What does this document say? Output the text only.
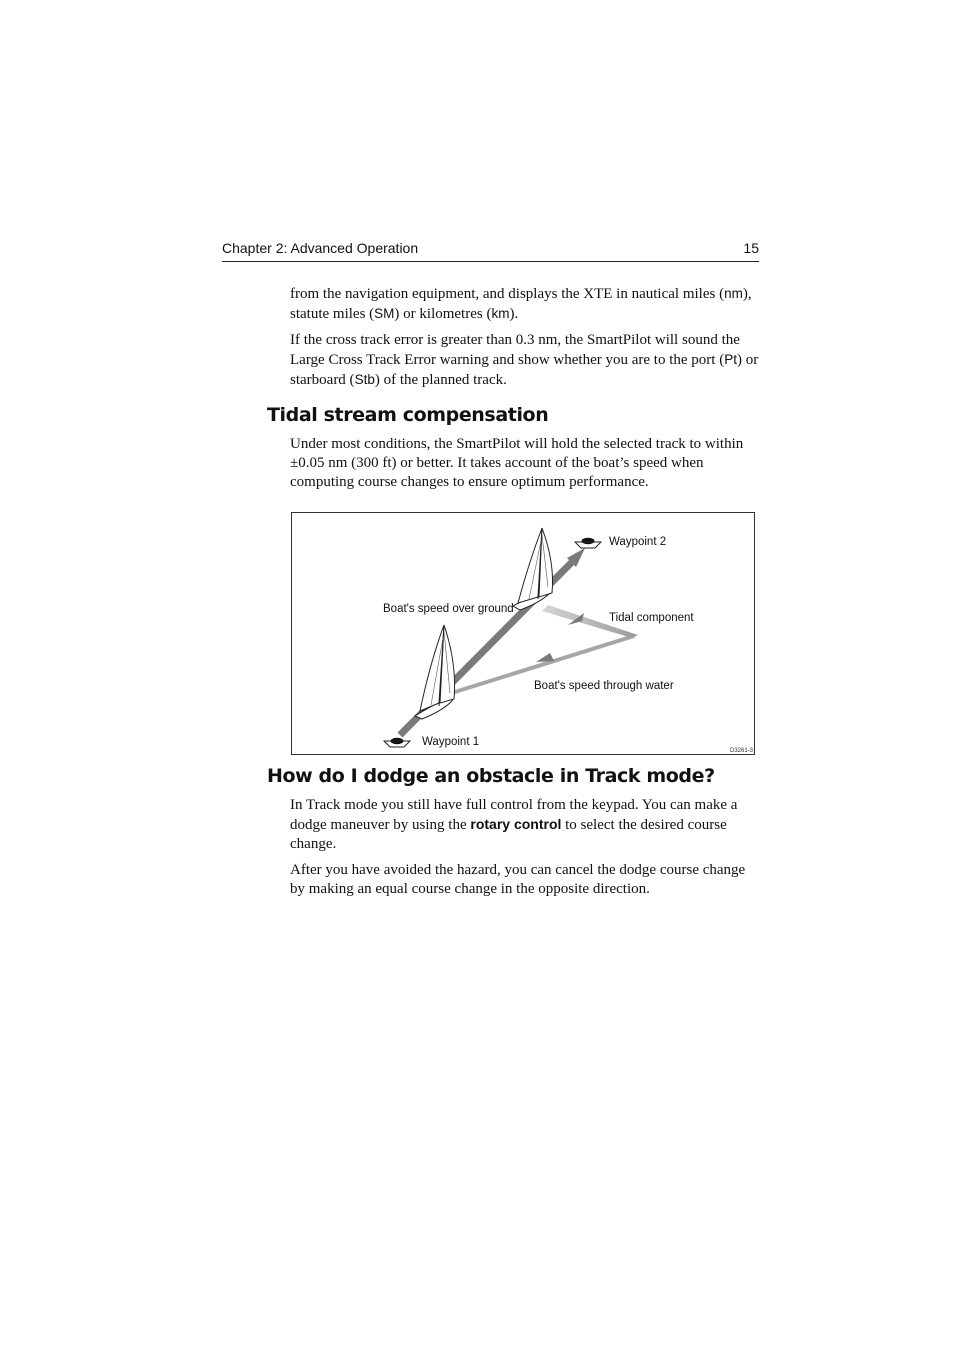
Chapter 2: Advanced Operation	15

from the navigation equipment, and displays the XTE in nautical miles (nm), statute miles (SM) or kilometres (km).

If the cross track error is greater than 0.3 nm, the SmartPilot will sound the Large Cross Track Error warning and show whether you are to the port (Pt) or starboard (Stb) of the planned track.

Tidal stream compensation

Under most conditions, the SmartPilot will hold the selected track to within ±0.05 nm (300 ft) or better. It takes account of the boat’s speed when computing course changes to ensure optimum performance.

Waypoint 1
Waypoint 2
Boat's speed over ground
Tidal component
Boat's speed through water
D3261-3
How do I dodge an obstacle in Track mode?

In Track mode you still have full control from the keypad. You can make a dodge maneuver by using the rotary control to select the desired course change.

After you have avoided the hazard, you can cancel the dodge course change by making an equal course change in the opposite direction.
